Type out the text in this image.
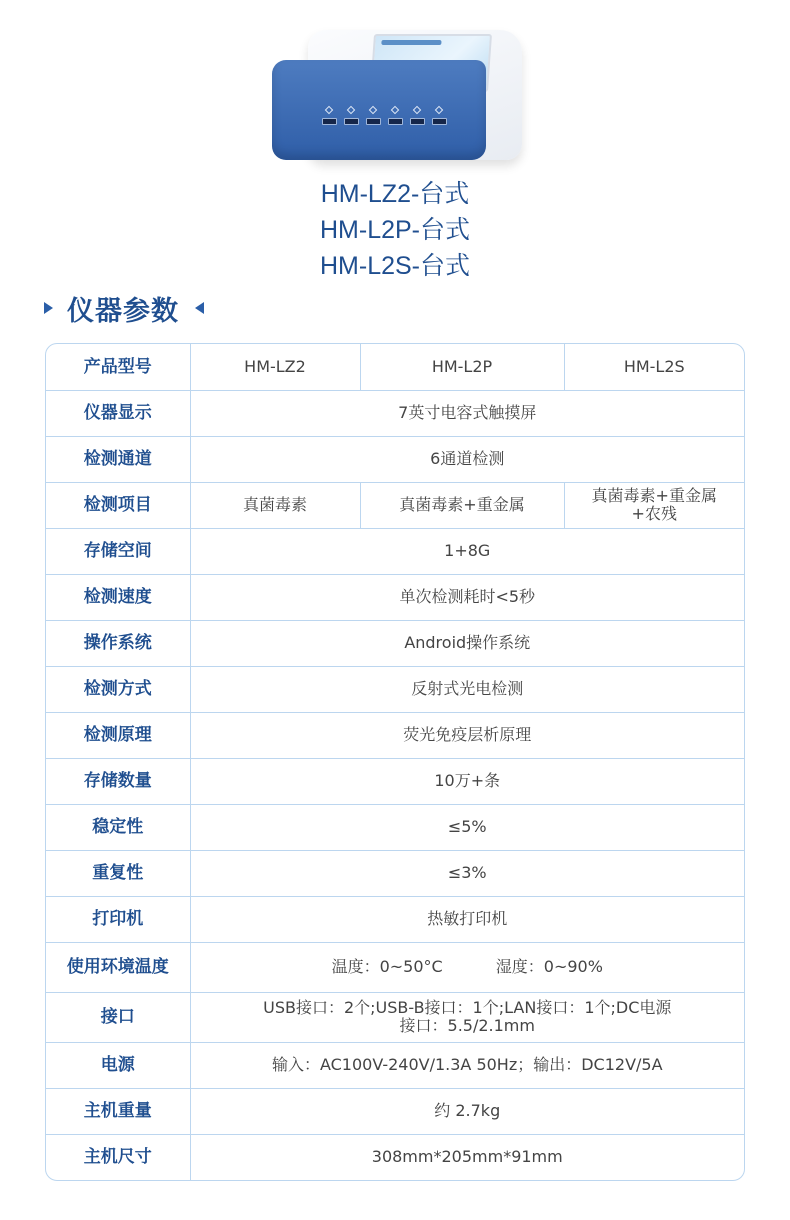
HM-LZ2-台式
HM-L2P-台式
HM-L2S-台式
仪器参数
产品型号	HM-LZ2	HM-L2P	HM-L2S
仪器显示	7英寸电容式触摸屏		
检测通道	6通道检测		
检测项目	真菌毒素	真菌毒素+重金属	真菌毒素+重金属
+农残

存储空间	1+8G		
检测速度	单次检测耗时<5秒		
操作系统	Android操作系统		
检测方式	反射式光电检测		
检测原理	荧光免疫层析原理		
存储数量	10万+条		
稳定性	≤5%		
重复性	≤3%		
打印机	热敏打印机		
使用环境温度	温度：0~50°C 湿度：0~90%		
接口	USB接口：2个;USB-B接口：1个;LAN接口：1个;DC电源
接口：5.5/2.1mm		

电源	输入：AC100V-240V/1.3A 50Hz；输出：DC12V/5A		
主机重量	约 2.7kg		
主机尺寸	308mm*205mm*91mm		
